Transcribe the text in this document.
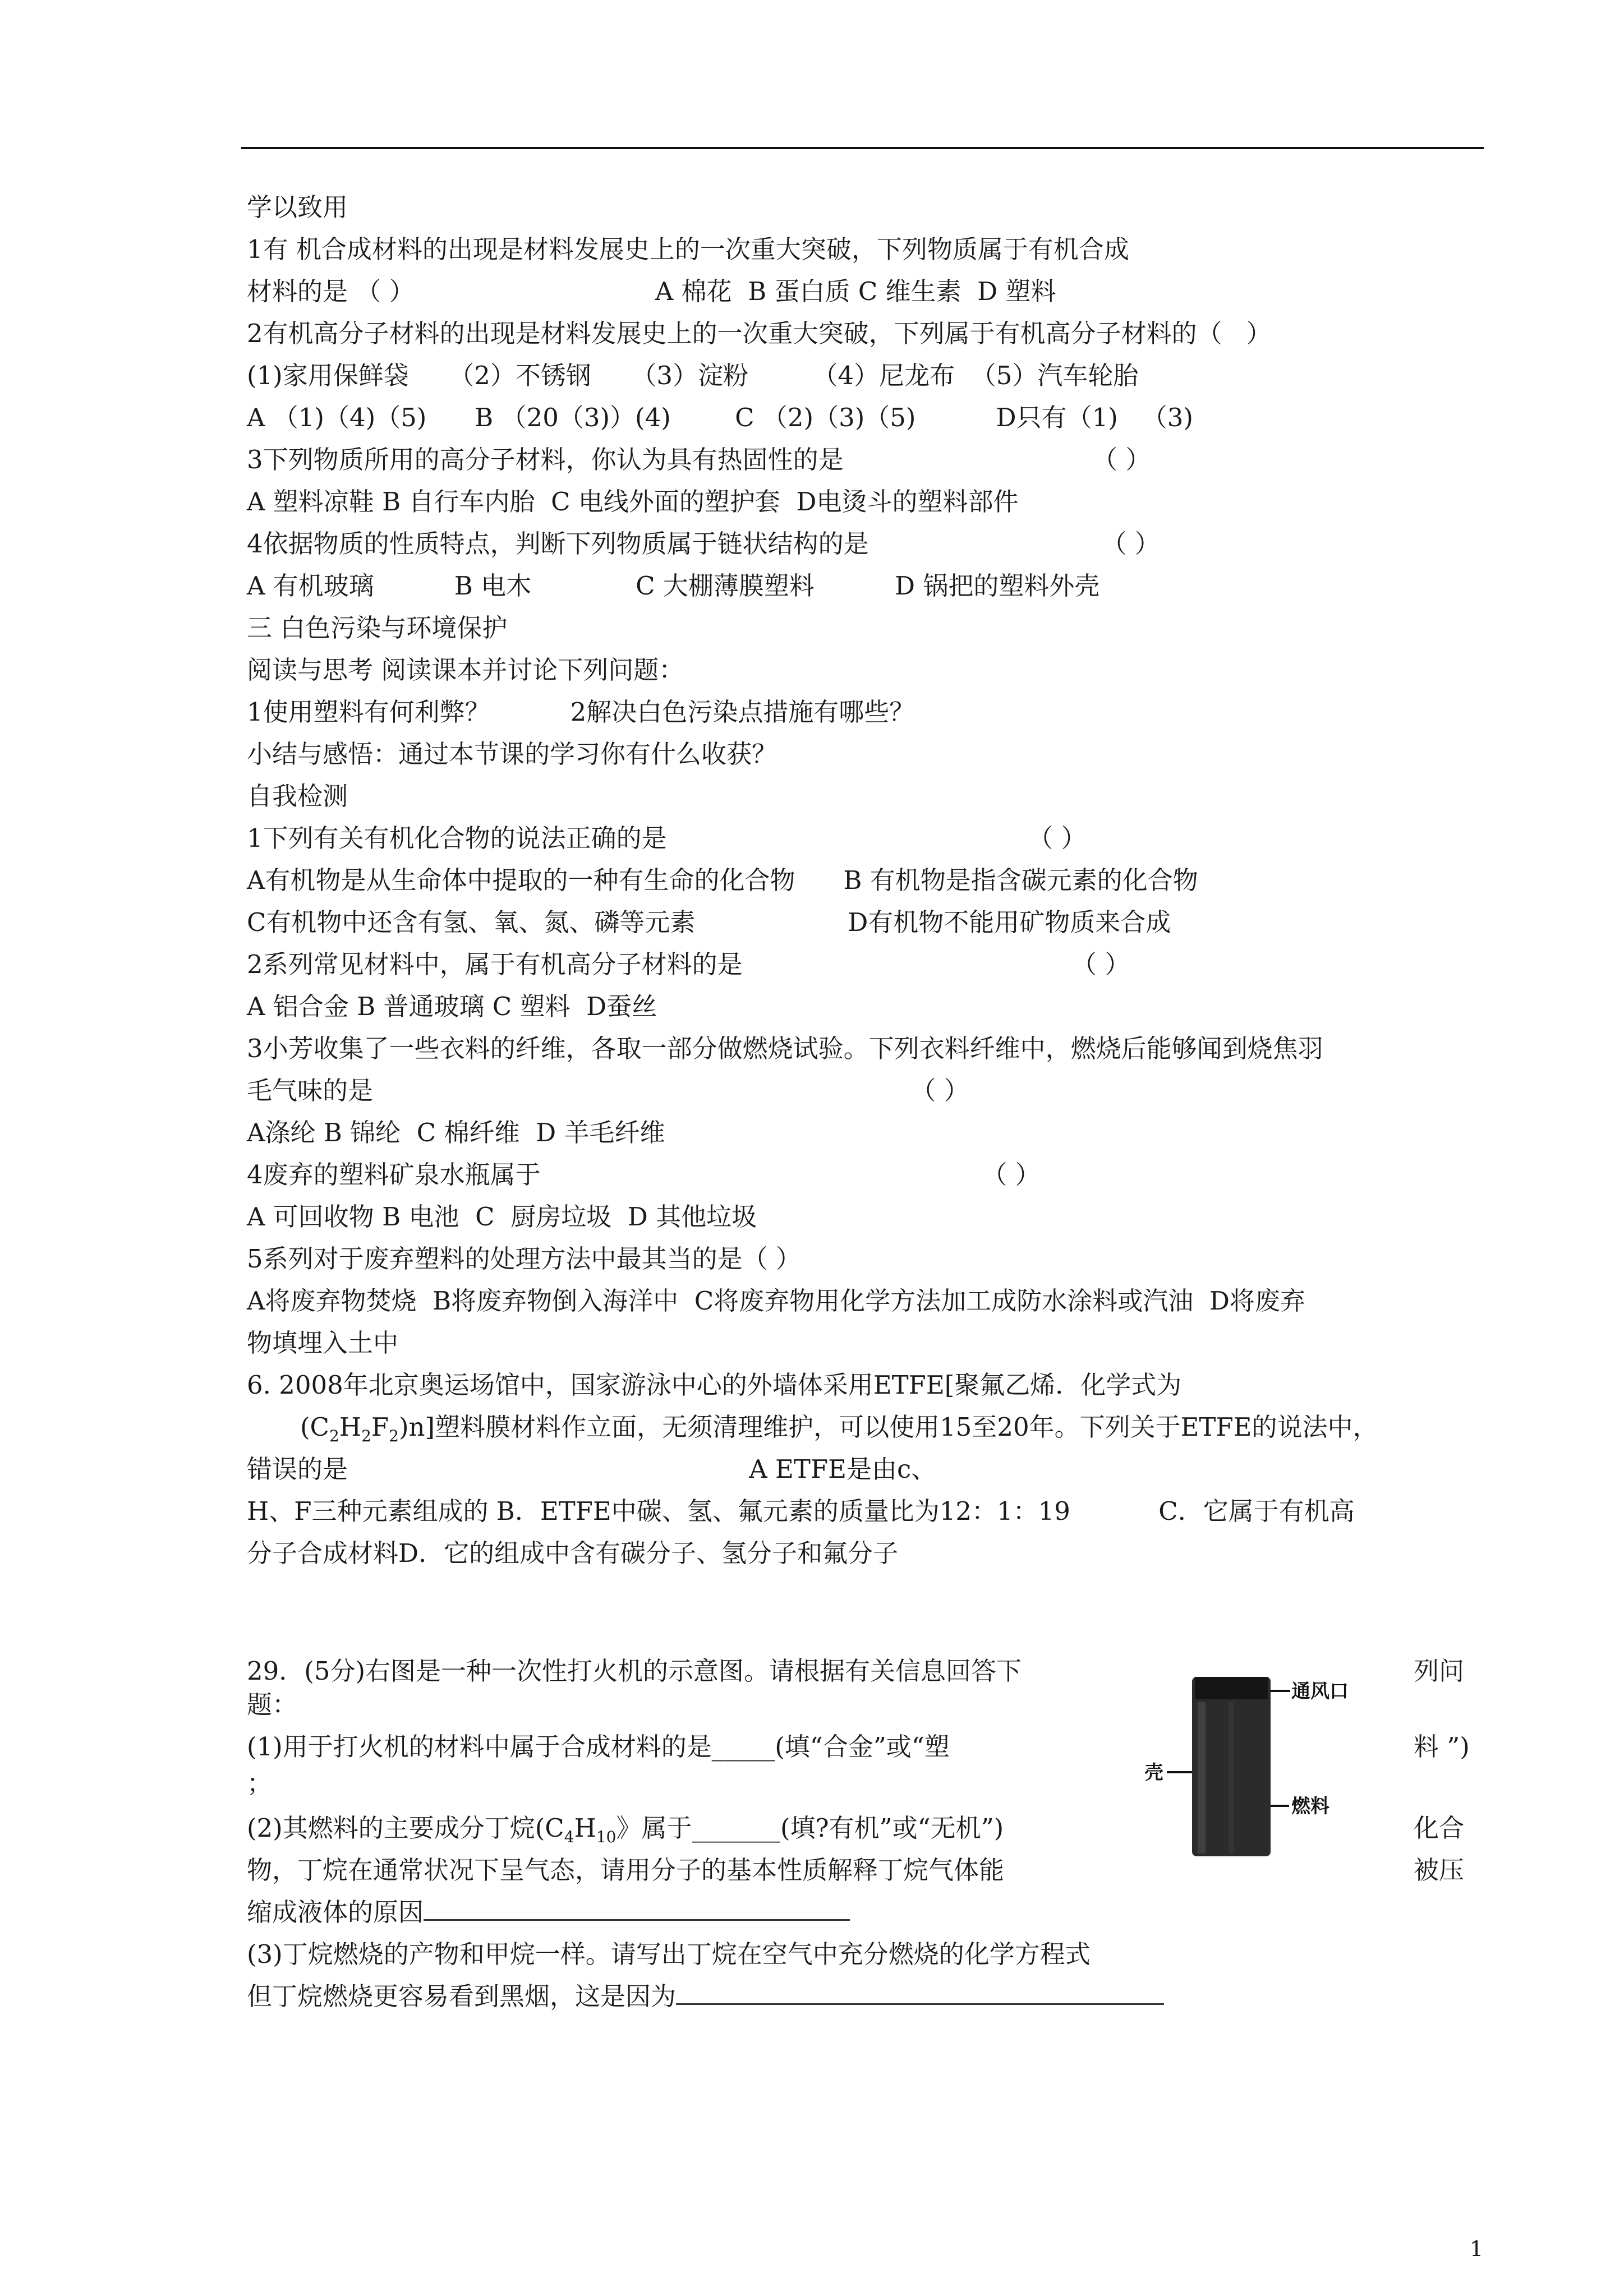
学以致用
1有 机合成材料的出现是材料发展史上的一次重大突破，下列物质属于有机合成
材料的是 （ ）                              A 棉花  B 蛋白质 C 维生素  D 塑料
2有机高分子材料的出现是材料发展史上的一次重大突破，下列属于有机高分子材料的（   ）
(1)家用保鲜袋     （2）不锈钢     （3）淀粉        （4）尼龙布  （5）汽车轮胎
A （1)（4)（5)      B （20（3)）(4)        C （2)（3)（5)          D只有（1)   （3)
3下列物质所用的高分子材料，你认为具有热固性的是                               （ ）
A 塑料凉鞋 B 自行车内胎  C 电线外面的塑护套  D电烫斗的塑料部件
4依据物质的性质特点，判断下列物质属于链状结构的是                             （ ）
A 有机玻璃          B 电木             C 大棚薄膜塑料          D 锅把的塑料外壳
三 白色污染与环境保护
阅读与思考 阅读课本并讨论下列问题：
1使用塑料有何利弊？          2解决白色污染点措施有哪些？
小结与感悟：通过本节课的学习你有什么收获？
自我检测
1下列有关有机化合物的说法正确的是                                             （ ）
A有机物是从生命体中提取的一种有生命的化合物      B 有机物是指含碳元素的化合物
C有机物中还含有氢、氧、氮、磷等元素                   D有机物不能用矿物质来合成
2系列常见材料中，属于有机高分子材料的是                                         （ ）
A 铝合金 B 普通玻璃 C 塑料  D蚕丝
3小芳收集了一些衣料的纤维，各取一部分做燃烧试验。下列衣料纤维中，燃烧后能够闻到烧焦羽
毛气味的是                                                                   （ ）
A涤纶 B 锦纶  C 棉纤维  D 羊毛纤维
4废弃的塑料矿泉水瓶属于                                                       （ ）
A 可回收物 B 电池  C  厨房垃圾  D 其他垃圾
5系列对于废弃塑料的处理方法中最其当的是（ ）
A将废弃物焚烧  B将废弃物倒入海洋中  C将废弃物用化学方法加工成防水涂料或汽油  D将废弃
物填埋入土中
6. 2008年北京奥运场馆中，国家游泳中心的外墙体采用ETFE[聚氟乙烯．化学式为
$(C_2H_2F_2)n$]塑料膜材料作立面，无须清理维护，可以使用15至20年。下列关于ETFE的说法中，
错误的是                                                  A ETFE是由c、
H、F三种元素组成的 B．ETFE中碳、氢、氟元素的质量比为12：1：19           C．它属于有机高
分子合成材料D．它的组成中含有碳分子、氢分子和氟分子
29．(5分)右图是一种一次性打火机的示意图。请根据有关信息回答下	列问
题：
(1)用于打火机的材料中属于合成材料的是_____(填“合金”或“塑	料 ”)
；
(2)其燃料的主要成分丁烷($C_4H_{10}$》属于_______(填?有机”或“无机”)	化合
物，丁烷在通常状况下呈气态，请用分子的基本性质解释丁烷气体能	被压
缩成液体的原因
(3)丁烷燃烧的产物和甲烷一样。请写出丁烷在空气中充分燃烧的化学方程式
但丁烷燃烧更容易看到黑烟，这是因为
通风口
壳
燃料
1
